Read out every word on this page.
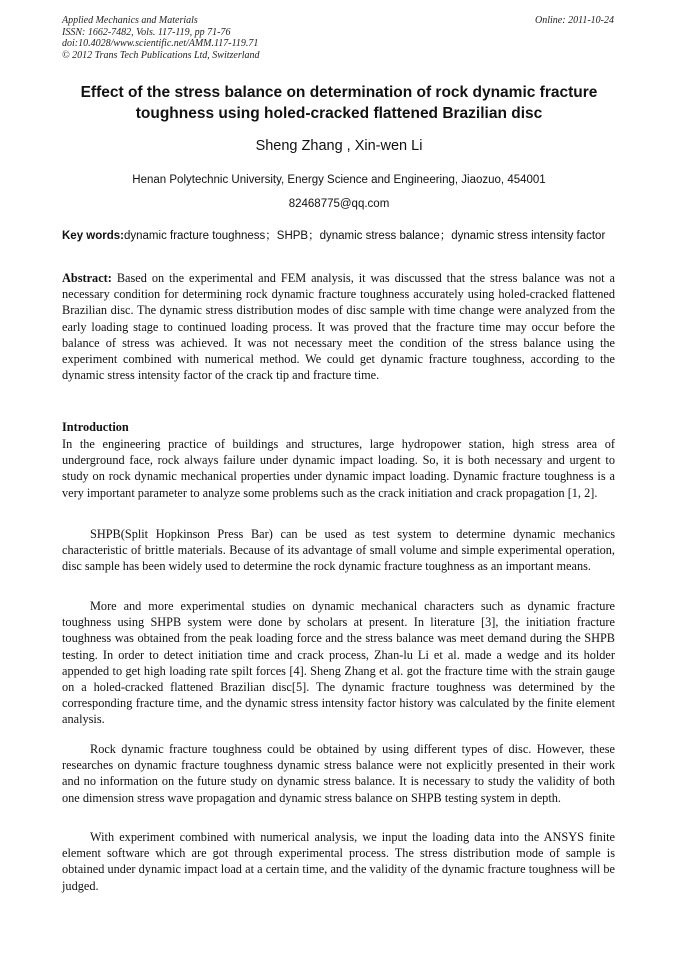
Applied Mechanics and Materials
ISSN: 1662-7482, Vols. 117-119, pp 71-76
doi:10.4028/www.scientific.net/AMM.117-119.71
© 2012 Trans Tech Publications Ltd, Switzerland
Online: 2011-10-24
Effect of the stress balance on determination of rock dynamic fracture toughness using holed-cracked flattened Brazilian disc
Sheng Zhang , Xin-wen Li
Henan Polytechnic University, Energy Science and Engineering, Jiaozuo, 454001
82468775@qq.com
Key words:dynamic fracture toughness；SHPB；dynamic stress balance；dynamic stress intensity factor
Abstract: Based on the experimental and FEM analysis, it was discussed that the stress balance was not a necessary condition for determining rock dynamic fracture toughness accurately using holed-cracked flattened Brazilian disc. The dynamic stress distribution modes of disc sample with time change were analyzed from the early loading stage to continued loading process. It was proved that the fracture time may occur before the balance of stress was achieved. It was not necessary meet the condition of the stress balance using the experiment combined with numerical method. We could get dynamic fracture toughness, according to the dynamic stress intensity factor of the crack tip and fracture time.
Introduction
In the engineering practice of buildings and structures, large hydropower station, high stress area of underground face, rock always failure under dynamic impact loading. So, it is both necessary and urgent to study on rock dynamic mechanical properties under dynamic impact loading. Dynamic fracture toughness is a very important parameter to analyze some problems such as the crack initiation and crack propagation [1, 2].
SHPB(Split Hopkinson Press Bar) can be used as test system to determine dynamic mechanics characteristic of brittle materials. Because of its advantage of small volume and simple experimental operation, disc sample has been widely used to determine the rock dynamic fracture toughness as an important means.
More and more experimental studies on dynamic mechanical characters such as dynamic fracture toughness using SHPB system were done by scholars at present. In literature [3], the initiation fracture toughness was obtained from the peak loading force and the stress balance was meet demand during the SHPB testing. In order to detect initiation time and crack process, Zhan-lu Li et al. made a wedge and its holder appended to get high loading rate spilt forces [4]. Sheng Zhang et al. got the fracture time with the strain gauge on a holed-cracked flattened Brazilian disc[5]. The dynamic fracture toughness was determined by the corresponding fracture time, and the dynamic stress intensity factor history was calculated by the finite element analysis.
Rock dynamic fracture toughness could be obtained by using different types of disc. However, these researches on dynamic fracture toughness dynamic stress balance were not explicitly presented in their work and no information on the future study on dynamic stress balance. It is necessary to study the validity of both one dimension stress wave propagation and dynamic stress balance on SHPB testing system in depth.
With experiment combined with numerical analysis, we input the loading data into the ANSYS finite element software which are got through experimental process. The stress distribution mode of sample is obtained under dynamic impact load at a certain time, and the validity of the dynamic fracture toughness will be judged.
